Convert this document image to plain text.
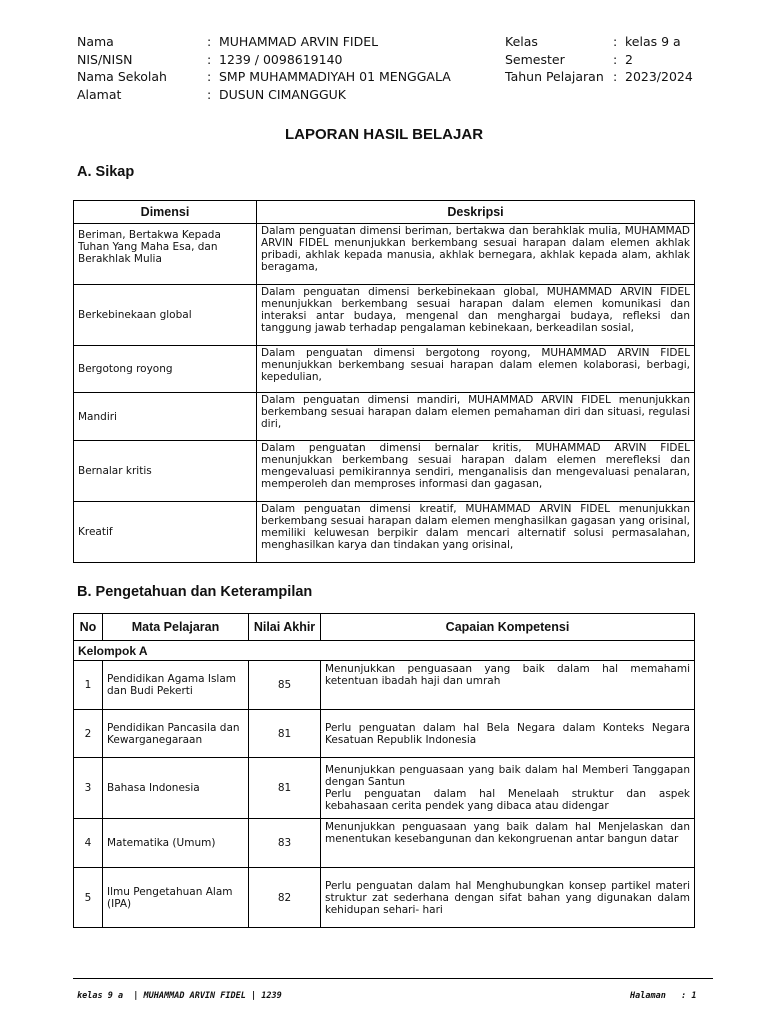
Nama	: MUHAMMAD ARVIN FIDEL
NIS/NISN	: 1239 / 0098619140
Nama Sekolah	: SMP MUHAMMADIYAH 01 MENGGALA
Alamat	: DUSUN CIMANGGUK
Kelas	: kelas 9 a
Semester	: 2
Tahun Pelajaran : 2023/2024
LAPORAN HASIL BELAJAR
A. Sikap
Dimensi	Deskripsi
Beriman, Bertakwa Kepada Tuhan Yang Maha Esa, dan Berakhlak Mulia	Dalam penguatan dimensi beriman, bertakwa dan berahklak mulia, MUHAMMAD ARVIN FIDEL menunjukkan berkembang sesuai harapan dalam elemen akhlak pribadi, akhlak kepada manusia, akhlak bernegara, akhlak kepada alam, akhlak beragama,
Berkebinekaan global	Dalam penguatan dimensi berkebinekaan global, MUHAMMAD ARVIN FIDEL menunjukkan berkembang sesuai harapan dalam elemen komunikasi dan interaksi antar budaya, mengenal dan menghargai budaya, refleksi dan tanggung jawab terhadap pengalaman kebinekaan, berkeadilan sosial,
Bergotong royong	Dalam penguatan dimensi bergotong royong, MUHAMMAD ARVIN FIDEL menunjukkan berkembang sesuai harapan dalam elemen kolaborasi, berbagi, kepedulian,
Mandiri	Dalam penguatan dimensi mandiri, MUHAMMAD ARVIN FIDEL menunjukkan berkembang sesuai harapan dalam elemen pemahaman diri dan situasi, regulasi diri,
Bernalar kritis	Dalam penguatan dimensi bernalar kritis, MUHAMMAD ARVIN FIDEL menunjukkan berkembang sesuai harapan dalam elemen merefleksi dan mengevaluasi pemikirannya sendiri, menganalisis dan mengevaluasi penalaran, memperoleh dan memproses informasi dan gagasan,
Kreatif	Dalam penguatan dimensi kreatif, MUHAMMAD ARVIN FIDEL menunjukkan berkembang sesuai harapan dalam elemen menghasilkan gagasan yang orisinal, memiliki keluwesan berpikir dalam mencari alternatif solusi permasalahan, menghasilkan karya dan tindakan yang orisinal,
B. Pengetahuan dan Keterampilan
No	Mata Pelajaran	Nilai Akhir	Capaian Kompetensi
Kelompok A			
1	Pendidikan Agama Islam dan Budi Pekerti	85	Menunjukkan penguasaan yang baik dalam hal memahami ketentuan ibadah haji dan umrah
2	Pendidikan Pancasila dan Kewarganegaraan	81	Perlu penguatan dalam hal Bela Negara dalam Konteks Negara Kesatuan Republik Indonesia
3	Bahasa Indonesia	81	Menunjukkan penguasaan yang baik dalam hal Memberi Tanggapan dengan Santun
Perlu penguatan dalam hal Menelaah struktur dan aspek kebahasaan cerita pendek yang dibaca atau didengar
4	Matematika (Umum)	83	Menunjukkan penguasaan yang baik dalam hal Menjelaskan dan menentukan kesebangunan dan kekongruenan antar bangun datar
5	Ilmu Pengetahuan Alam (IPA)	82	Perlu penguatan dalam hal Menghubungkan konsep partikel materi struktur zat sederhana dengan sifat bahan yang digunakan dalam kehidupan sehari- hari
kelas 9 a  | MUHAMMAD ARVIN FIDEL | 1239	Halaman   : 1
